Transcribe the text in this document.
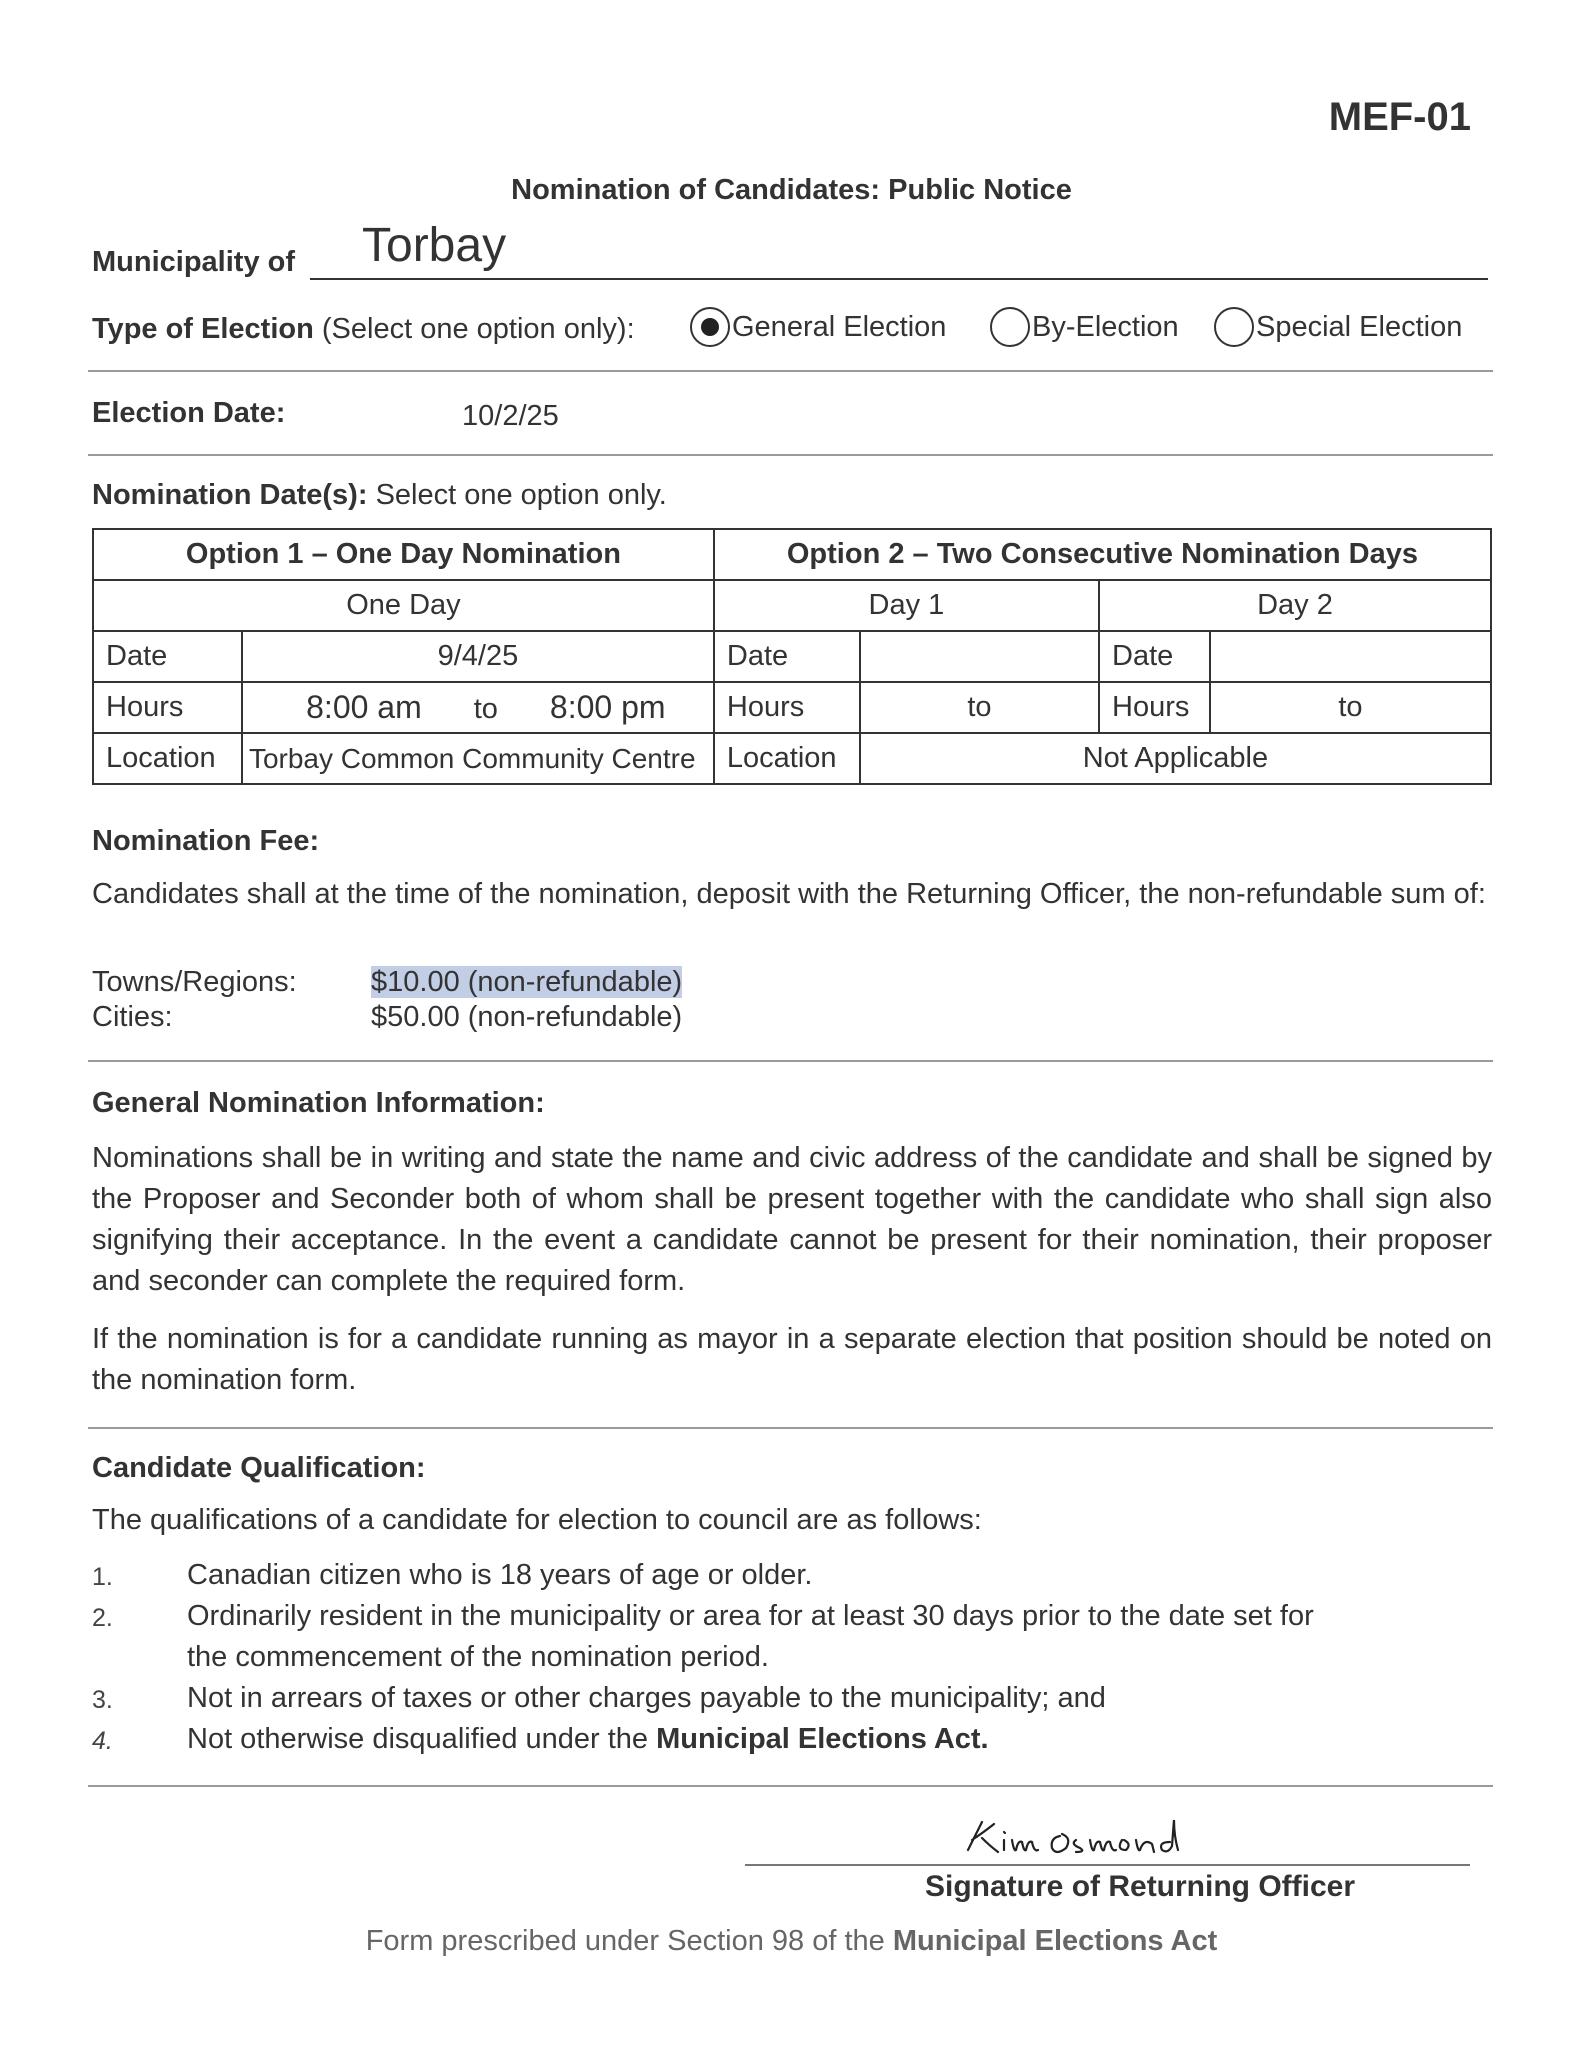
MEF-01
Nomination of Candidates: Public Notice
Municipality of Torbay
Type of Election (Select one option only):	General Election	By-Election	Special Election
Election Date:	10/2/25
Nomination Date(s): Select one option only.
Option 1 – One Day Nomination		Option 2 – Two Consecutive Nomination Days			
One Day		Day 1		Day 2	
Date	9/4/25	Date		Date	
Hours	8:00 am to 8:00 pm	Hours	to	Hours	to
Location	Torbay Common Community Centre	Location	Not Applicable		
Nomination Fee:
Candidates shall at the time of the nomination, deposit with the Returning Officer, the non-refundable sum of:
Towns/Regions:	$10.00 (non-refundable)
Cities:	$50.00 (non-refundable)
General Nomination Information:
Nominations shall be in writing and state the name and civic address of the candidate and shall be signed by the Proposer and Seconder both of whom shall be present together with the candidate who shall sign also signifying their acceptance. In the event a candidate cannot be present for their nomination, their proposer and seconder can complete the required form.
If the nomination is for a candidate running as mayor in a separate election that position should be noted on the nomination form.
Candidate Qualification:
The qualifications of a candidate for election to council are as follows:
1.	Canadian citizen who is 18 years of age or older.
2.	Ordinarily resident in the municipality or area for at least 30 days prior to the date set for the commencement of the nomination period.
3.	Not in arrears of taxes or other charges payable to the municipality; and
4.	Not otherwise disqualified under the Municipal Elections Act.
Signature of Returning Officer
Form prescribed under Section 98 of the Municipal Elections Act
